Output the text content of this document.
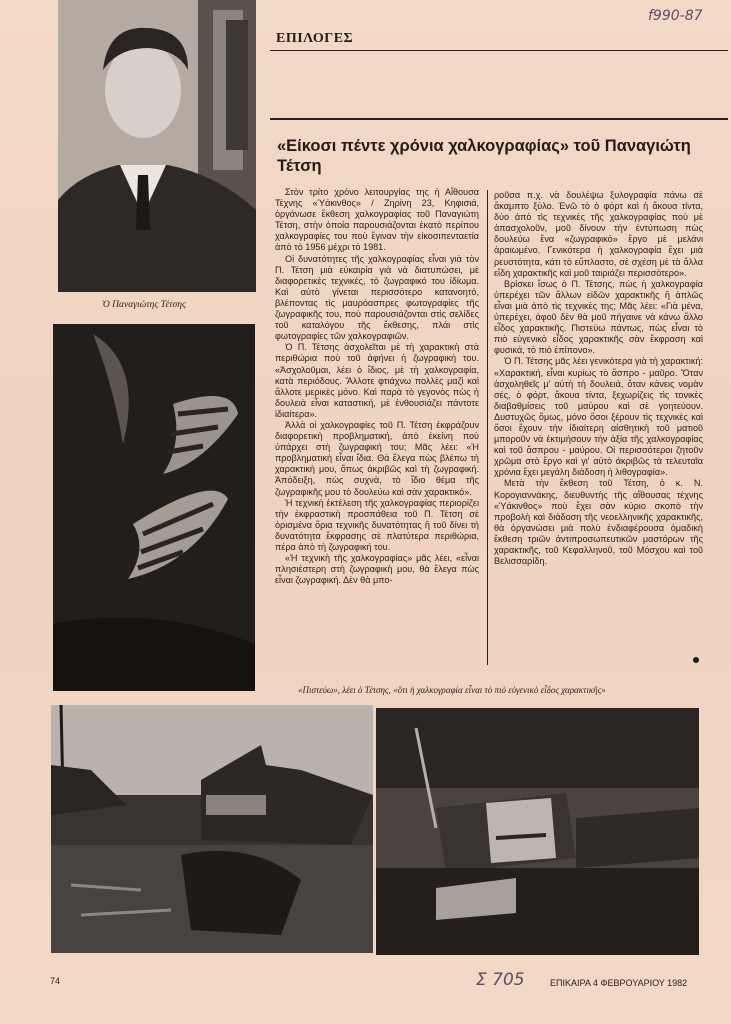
Ὁ Παναγιώτης Τέτσης
ΕΠΙΛΟΓΕΣ
f990-87
«Είκοσι πέντε χρόνια χαλκογραφίας» τοῦ Παναγιώτη Τέτση

Στὸν τρίτο χρόνο λειτουργίας της ἡ Αἴθουσα Τέχνης «Ὑάκινθος» / Ζηρίνη 23, Κηφισιά, ὀργάνωσε ἔκθεση χαλκογραφίας τοῦ Παναγιώτη Τέτση, στὴν ὁποία παρουσιάζονται ἑκατὸ περίπου χαλκογραφίες του ποὺ ἔγιναν τὴν εἰκοσιπενταετία ἀπὸ τὸ 1956 μέχρι τὸ 1981.

Οἱ δυνατότητες τῆς χαλκογραφίας εἶναι γιὰ τὸν Π. Τέτση μιὰ εὐκαιρία γιὰ νὰ διατυπώσει, μὲ διαφορετικὲς τεχνικές, τὸ ζωγραφικό του ἰδίωμα. Καὶ αὐτὸ γίνεται περισσότερο κατανοητό, βλέποντας τὶς μαυρόασπρες φωτογραφίες τῆς ζωγραφικῆς του, ποὺ παρουσιάζονται στὶς σελίδες τοῦ καταλόγου τῆς ἔκθεσης, πλάι στὶς φωτογραφίες τῶν χαλκογραφιῶν.

Ὁ Π. Τέτσης ἀσχολεῖται μὲ τὴ χαρακτικὴ στὰ περιθώρια ποὺ τοῦ ἀφήνει ἡ ζωγραφική του. «Ἀσχολοῦμαι, λέει ὁ ἴδιος, μὲ τὴ χαλκογραφία, κατὰ περιόδους. Ἄλλοτε φτιάχνω πολλὲς μαζὶ καὶ ἄλλοτε μερικὲς μόνο. Καὶ παρὰ τὸ γεγονὸς πὼς ἡ δουλειὰ εἶναι καταστική, μὲ ἐνθουσιάζει πάντοτε ἰδιαίτερα».

Ἀλλὰ οἱ χαλκογραφίες τοῦ Π. Τέτση ἐκφράζουν διαφορετικὴ προβληματική, ἀπὸ ἐκείνη ποὺ ὑπάρχει στὴ ζωγραφική του; Μᾶς λέει: «Ἡ προβληματικὴ εἶναι ἴδια. Θὰ ἔλεγα πὼς βλέπω τὴ χαρακτικὴ μου, ὅπως ἀκριβῶς καὶ τὴ ζωγραφική. Ἀπόδειξη, πὼς συχνὰ, τὸ ἴδιο θέμα τῆς ζωγραφικῆς μου τὸ δουλεύω καὶ σὰν χαρακτικό».

Ἡ τεχνικὴ ἐκτέλεση τῆς χαλκογραφίας περιορίζει τὴν ἐκφραστικὴ προσπάθεια τοῦ Π. Τέτση σὲ ὁρισμένα ὅρια τεχνικῆς δυνατότητας ἢ τοῦ δίνει τὴ δυνατότητα ἔκφρασης σὲ πλατύτερα περιθώρια, πέρα ἀπὸ τὴ ζωγραφική του.

«Ἡ τεχνικὴ τῆς χαλκογραφίας» μᾶς λέει, «εἶναι πλησιέστερη στὴ ζωγραφικὴ μου, θὰ ἔλεγα πὼς εἶναι ζωγραφική. Δὲν θὰ μπο-

ροῦσα π.χ. νὰ δουλέψω ξυλογραφία πάνω σὲ ἄκαμπτο ξύλο. Ἐνῶ τὸ ὀ φόρτ καὶ ἡ ἄκουα τίντα, δύο ἀπὸ τὶς τεχνικὲς τῆς χαλκογραφίας ποὺ μὲ ἀπασχολοῦν, μοῦ δίνουν τὴν ἐντύπωση πὼς δουλεύω ἕνα «ζωγραφικὸ» ἔργο μὲ μελάνι ἀραιωμένο. Γενικότερα ἡ χαλκογραφία ἔχει μιὰ ρευστότητα, κάτι τὸ εὔπλαστο, σὲ σχέση μὲ τὰ ἄλλα εἴδη χαρακτικῆς καὶ μοῦ ταιριάζει περισσότερο».

Βρίσκει ἴσως ὁ Π. Τέτσης, πὼς ἡ χαλκογραφία ὑπερέχει τῶν ἄλλων εἰδῶν χαρακτικῆς ἢ ἁπλῶς εἶναι μιὰ ἀπὸ τὶς τεχνικὲς της; Μᾶς λέει: «Γιὰ μένα, ὑπερέχει, ἀφοῦ δὲν θὰ μοῦ πήγαινε νὰ κάνω ἄλλο εἶδος χαρακτικῆς. Πιστεύω πάντως, πὼς εἶναι τὸ πιὸ εὐγενικὸ εἶδος χαρακτικῆς σὰν ἔκφραση καὶ φυσικά, τὸ πιὸ ἐπίπονο».

Ὁ Π. Τέτσης μᾶς λέει γενικότερα γιὰ τὴ χαρακτική: «Χαρακτική, εἶναι κυρίως τὸ ἄσπρο - μαῦρο. Ὅταν ἀσχοληθεῖς μ' αὐτὴ τὴ δουλειά, ὅταν κάνεις νομὰν σές, ὀ φόρτ, ἄκουα τίντα, ξεχωρίζεις τὶς τονικὲς διαβαθμίσεις τοῦ μαύρου καὶ σὲ γοητεύουν. Δυστυχῶς ὅμως, μόνο ὅσοι ξέρουν τὶς τεχνικὲς καὶ ὅσοι ἔχουν τὴν ἰδιαίτερη αἰσθητικὴ τοῦ ματιοῦ μποροῦν νὰ ἐκτιμήσουν τὴν ἀξία τῆς χαλκογραφίας καὶ τοῦ ἄσπρου - μαύρου. Οἱ περισσότεροι ζητοῦν χρῶμα στὸ ἔργο καὶ γι' αὐτὸ ἀκριβῶς τὰ τελευταῖα χρόνια ἔχει μεγάλη διάδοση ἡ λιθογραφία».

Μετὰ τὴν ἔκθεση τοῦ Τέτση, ὁ κ. Ν. Κορογιαννάκης, διευθυντὴς τῆς αἴθουσας τέχνης «Ὑάκινθος» ποὺ ἔχει σὰν κύριο σκοπὸ τὴν προβολὴ καὶ διάδοση τῆς νεοελληνικῆς χαρακτικῆς, θὰ ὀργανώσει μιὰ πολὺ ἐνδιαφέρουσα ὁμαδικὴ ἔκθεση τριῶν ἀντιπροσωπευτικῶν μαστόρων τῆς χαρακτικῆς, τοῦ Κεφαλληνοῦ, τοῦ Μόσχου καὶ τοῦ Βελισσαρίδη.

«Πιστεύω», λέει ὁ Τέτσης, «ὅτι ἡ χαλκογραφία εἶναι τὸ πιὸ εὐγενικὸ εἶδος χαρακτικῆς»
74	Σ 705	ΕΠΙΚΑΙΡΑ 4 ΦΕΒΡΟΥΑΡΙΟΥ 1982
